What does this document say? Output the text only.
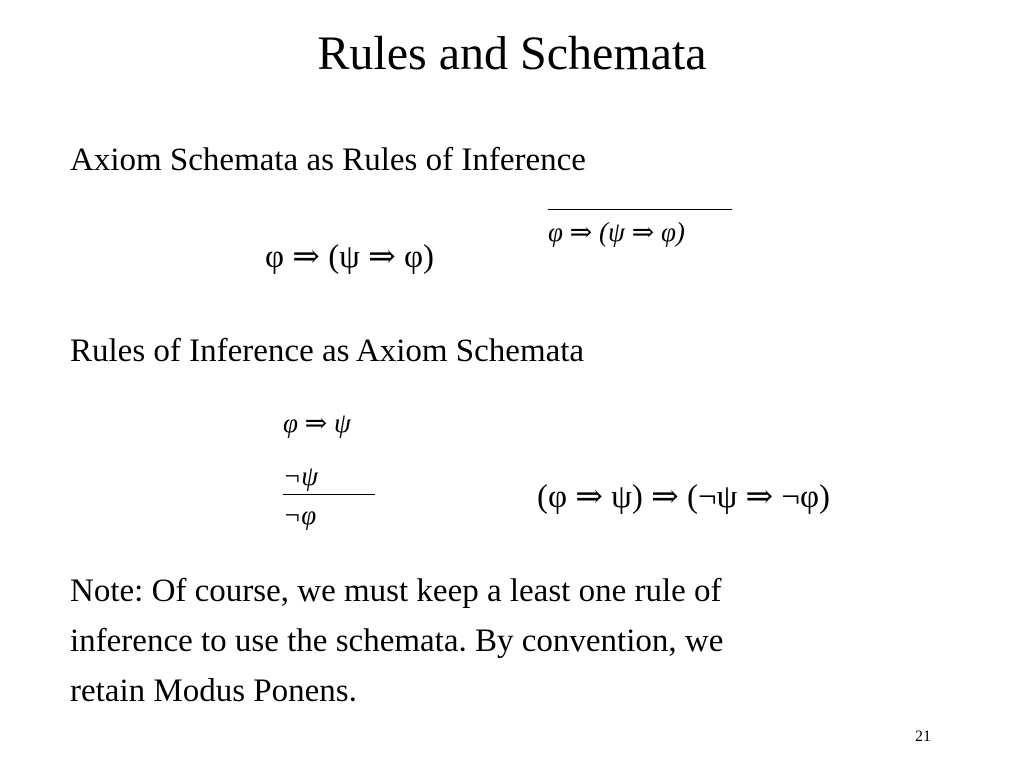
Rules and Schemata
Axiom Schemata as Rules of Inference
φ ⇒ (ψ ⇒ φ)
φ ⇒ (ψ ⇒ φ)
Rules of Inference as Axiom Schemata
φ ⇒ ψ
¬ψ
¬φ	(φ ⇒ ψ) ⇒ (¬ψ ⇒ ¬φ)

Note: Of course, we must keep a least one rule of

inference to use the schemata. By convention, we

retain Modus Ponens.

21
